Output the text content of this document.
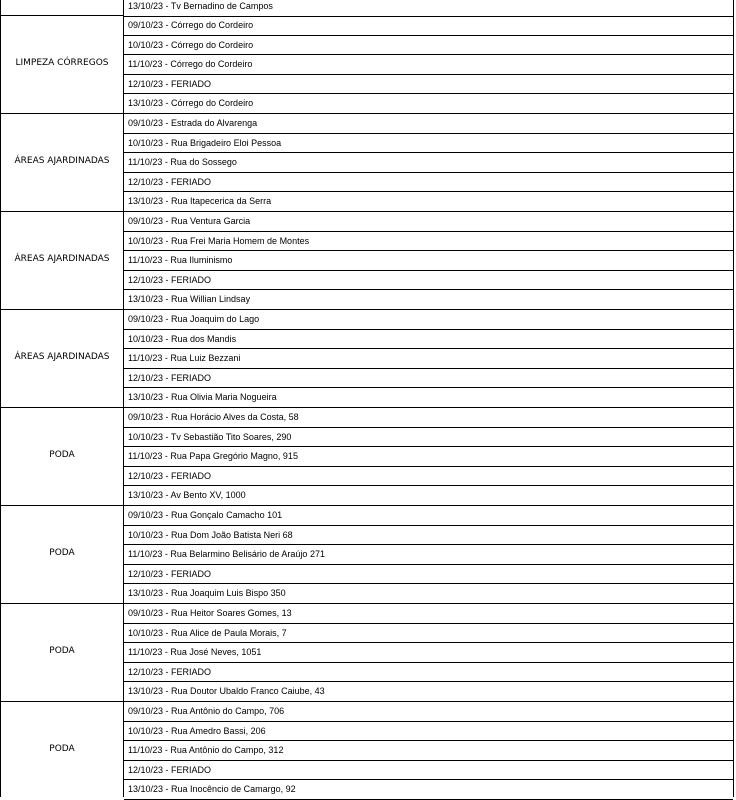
13/10/23 - Tv Bernadino de Campos
LIMPEZA CÓRREGOS
09/10/23 - Córrego do Cordeiro
10/10/23 - Córrego do Cordeiro
11/10/23 - Córrego do Cordeiro
12/10/23 - FERIADO
13/10/23 - Córrego do Cordeiro
ÁREAS AJARDINADAS
09/10/23 - Estrada do Alvarenga
10/10/23 - Rua Brigadeiro Eloi Pessoa
11/10/23 - Rua do Sossego
12/10/23 - FERIADO
13/10/23 - Rua Itapecerica da Serra
ÁREAS AJARDINADAS
09/10/23 - Rua Ventura Garcia
10/10/23 - Rua Frei Maria Homem de Montes
11/10/23 - Rua Iluminismo
12/10/23 - FERIADO
13/10/23 - Rua Willian Lindsay
ÁREAS AJARDINADAS
09/10/23 - Rua Joaquim do Lago
10/10/23 - Rua dos Mandis
11/10/23 - Rua Luiz Bezzani
12/10/23 - FERIADO
13/10/23 - Rua Olivia Maria Nogueira
PODA
09/10/23 - Rua Horácio Alves da Costa, 58
10/10/23 - Tv Sebastião Tito Soares, 290
11/10/23 - Rua Papa Gregório Magno, 915
12/10/23 - FERIADO
13/10/23 - Av Bento XV, 1000
PODA
09/10/23 - Rua Gonçalo Camacho 101
10/10/23 - Rua Dom João Batista Neri 68
11/10/23 - Rua Belarmino Belisário de Araújo 271
12/10/23 - FERIADO
13/10/23 - Rua Joaquim Luis Bispo 350
PODA
09/10/23 - Rua Heitor Soares Gomes, 13
10/10/23 - Rua Alice de Paula Morais, 7
11/10/23 - Rua José Neves, 1051
12/10/23 - FERIADO
13/10/23 - Rua Doutor Ubaldo Franco Caiube, 43
PODA
09/10/23 - Rua Antônio do Campo, 706
10/10/23 - Rua Amedro Bassi, 206
11/10/23 - Rua Antônio do Campo, 312
12/10/23 - FERIADO
13/10/23 - Rua Inocêncio de Camargo, 92
